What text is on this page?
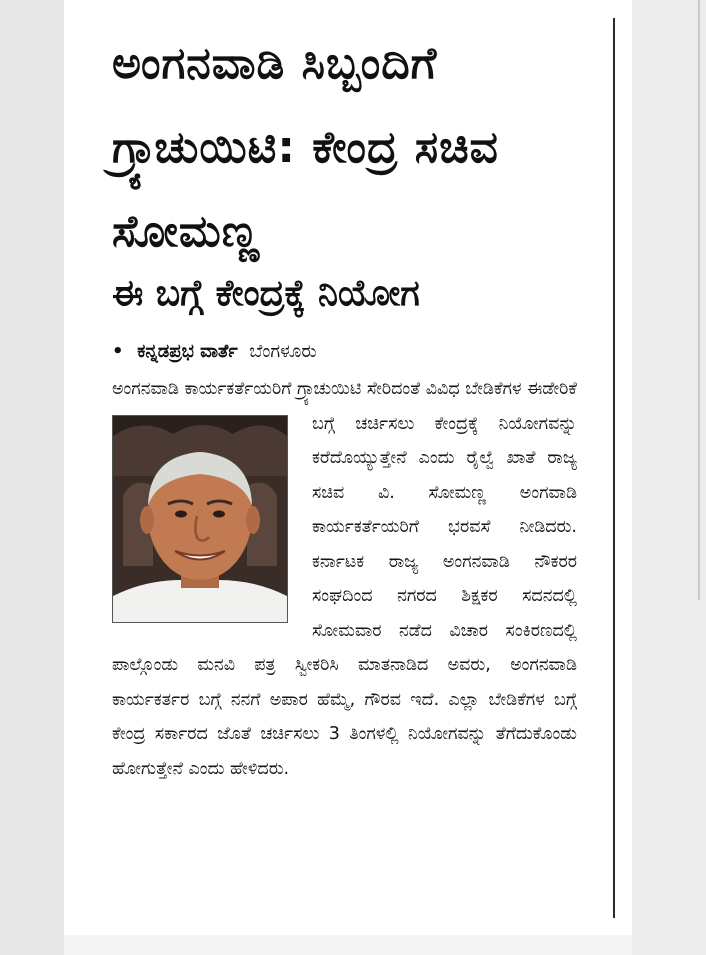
ಅಂಗನವಾಡಿ ಸಿಬ್ಬಂದಿಗೆ ಗ್ರ್ಯಾಚುಯಿಟಿ: ಕೇಂದ್ರ ಸಚಿವ ಸೋಮಣ್ಣ
ಈ ಬಗ್ಗೆ ಕೇಂದ್ರಕ್ಕೆ ನಿಯೋಗ
• ಕನ್ನಡಪ್ರಭ ವಾರ್ತೆ ಬೆಂಗಳೂರು
ಅಂಗನವಾಡಿ ಕಾರ್ಯಕರ್ತೆಯರಿಗೆ ಗ್ರ್ಯಾಚುಯಿಟಿ ಸೇರಿದಂತೆ ವಿವಿಧ ಬೇಡಿಕೆಗಳ ಈಡೇರಿಕೆ ಬಗ್ಗೆ ಚರ್ಚಿಸಲು ಕೇಂದ್ರಕ್ಕೆ ನಿಯೋಗವನ್ನು ಕರೆದೊಯ್ಯುತ್ತೇನೆ ಎಂದು ರೈಲ್ವೆ ಖಾತೆ ರಾಜ್ಯ ಸಚಿವ ವಿ. ಸೋಮಣ್ಣ ಅಂಗವಾಡಿ ಕಾರ್ಯಕರ್ತೆಯರಿಗೆ ಭರವಸೆ ನೀಡಿದರು. ಕರ್ನಾಟಕ ರಾಜ್ಯ ಅಂಗನವಾಡಿ ನೌಕರರ ಸಂಘದಿಂದ ನಗರದ ಶಿಕ್ಷಕರ ಸದನದಲ್ಲಿ ಸೋಮವಾರ ನಡೆದ ವಿಚಾರ ಸಂಕಿರಣದಲ್ಲಿ ಪಾಲ್ಗೊಂಡು ಮನವಿ ಪತ್ರ ಸ್ವೀಕರಿಸಿ ಮಾತನಾಡಿದ ಅವರು, ಅಂಗನವಾಡಿ ಕಾರ್ಯಕರ್ತರ ಬಗ್ಗೆ ನನಗೆ ಅಪಾರ ಹೆಮ್ಮೆ, ಗೌರವ ಇದೆ. ಎಲ್ಲಾ ಬೇಡಿಕೆಗಳ ಬಗ್ಗೆ ಕೇಂದ್ರ ಸರ್ಕಾರದ ಜೊತೆ ಚರ್ಚಿಸಲು 3 ತಿಂಗಳಲ್ಲಿ ನಿಯೋಗವನ್ನು ತೆಗೆದುಕೊಂಡು ಹೋಗುತ್ತೇನೆ ಎಂದು ಹೇಳಿದರು.
